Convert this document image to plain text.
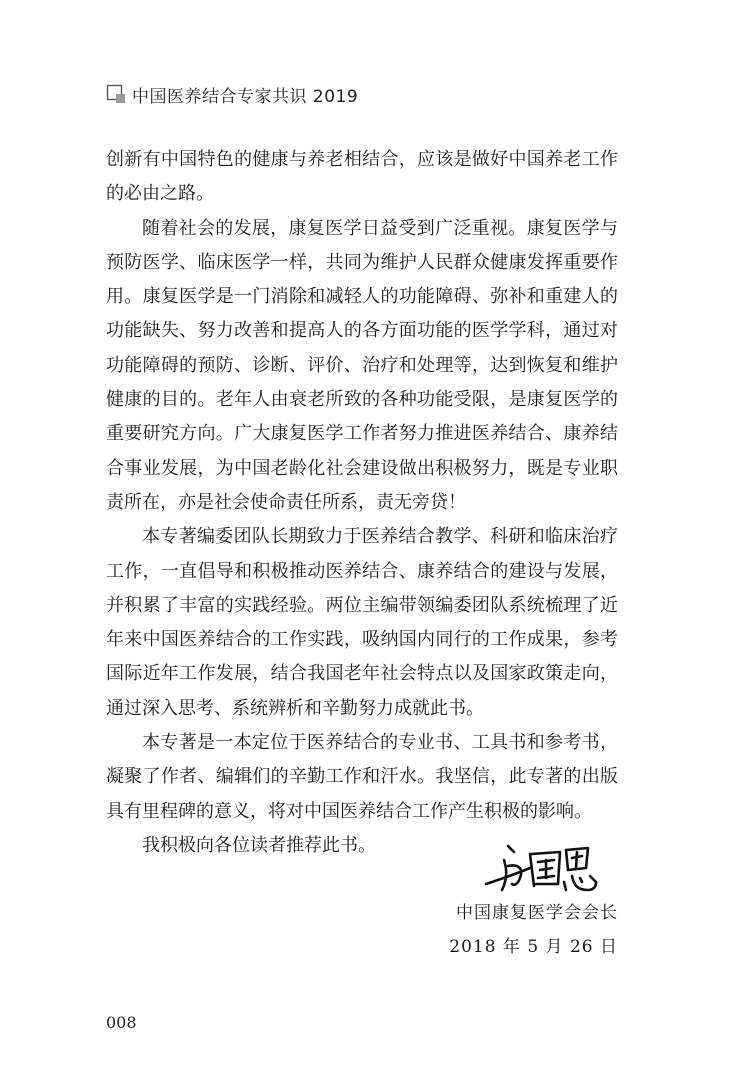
中国医养结合专家共识 2019

创新有中国特色的健康与养老相结合，应该是做好中国养老工作的必由之路。

随着社会的发展，康复医学日益受到广泛重视。康复医学与预防医学、临床医学一样，共同为维护人民群众健康发挥重要作用。康复医学是一门消除和减轻人的功能障碍、弥补和重建人的功能缺失、努力改善和提高人的各方面功能的医学学科，通过对功能障碍的预防、诊断、评价、治疗和处理等，达到恢复和维护健康的目的。老年人由衰老所致的各种功能受限，是康复医学的重要研究方向。广大康复医学工作者努力推进医养结合、康养结合事业发展，为中国老龄化社会建设做出积极努力，既是专业职责所在，亦是社会使命责任所系，责无旁贷！

本专著编委团队长期致力于医养结合教学、科研和临床治疗工作，一直倡导和积极推动医养结合、康养结合的建设与发展，并积累了丰富的实践经验。两位主编带领编委团队系统梳理了近年来中国医养结合的工作实践，吸纳国内同行的工作成果，参考国际近年工作发展，结合我国老年社会特点以及国家政策走向，通过深入思考、系统辨析和辛勤努力成就此书。

本专著是一本定位于医养结合的专业书、工具书和参考书，凝聚了作者、编辑们的辛勤工作和汗水。我坚信，此专著的出版具有里程碑的意义，将对中国医养结合工作产生积极的影响。

我积极向各位读者推荐此书。

中国康复医学会会长
2018 年 5 月 26 日
008
